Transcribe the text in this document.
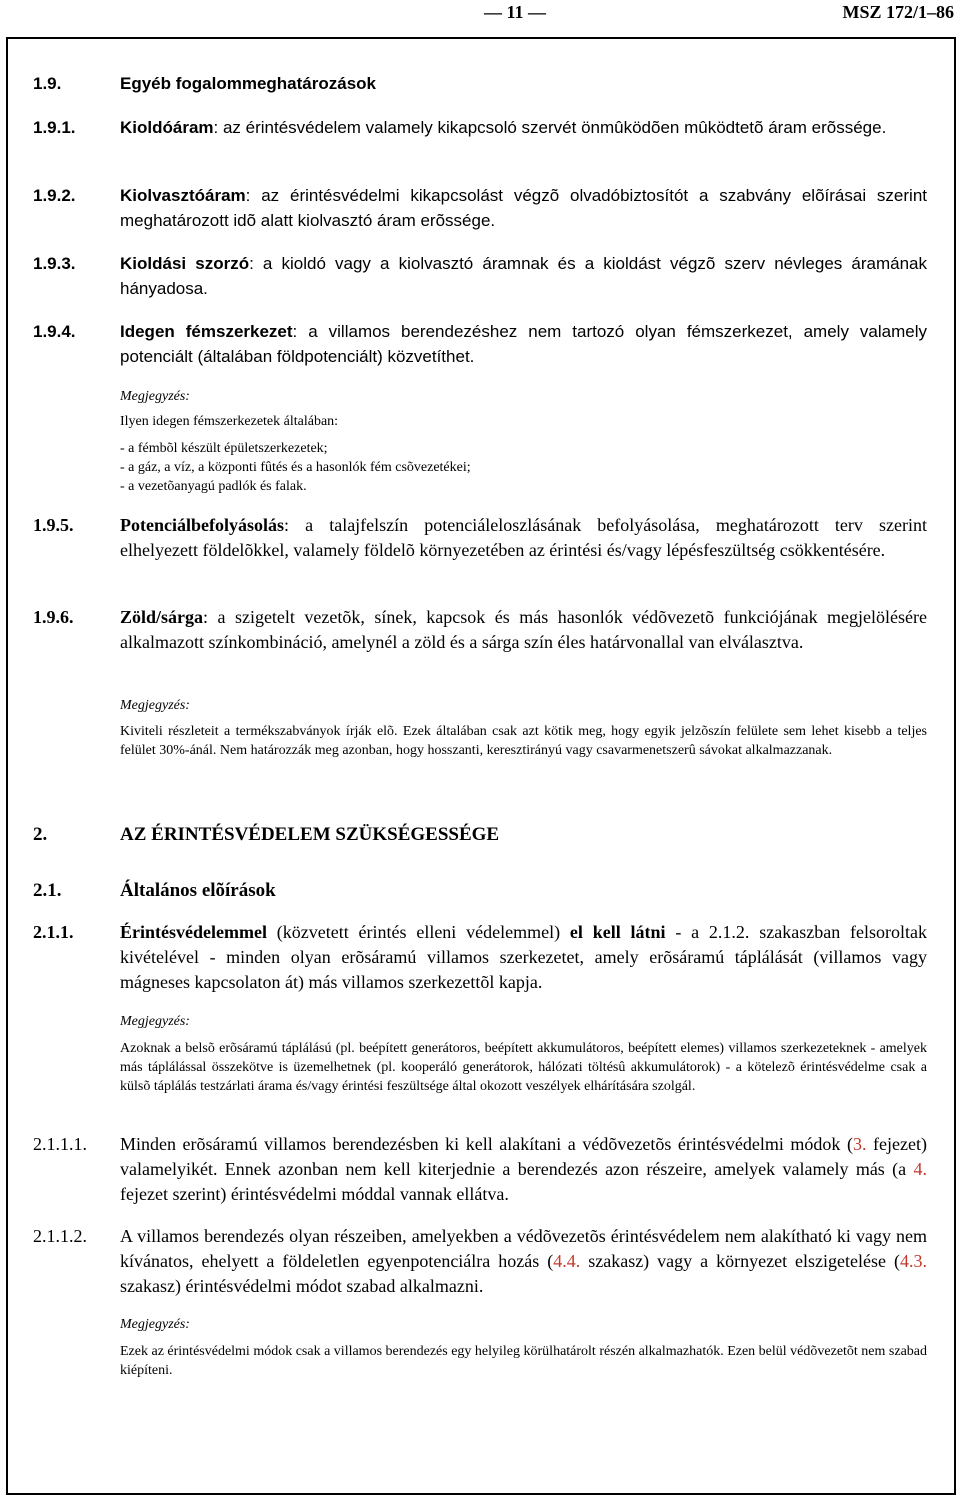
— 11 —	MSZ 172/1–86
1.9.	Egyéb fogalommeghatározások
1.9.1.	Kioldóáram: az érintésvédelem valamely kikapcsoló szervét önmûködõen mûködtetõ áram erõssége.
1.9.2.	Kiolvasztóáram: az érintésvédelmi kikapcsolást végzõ olvadóbiztosítót a szabvány elõírásai szerint meghatározott idõ alatt kiolvasztó áram erõssége.
1.9.3.	Kioldási szorzó: a kioldó vagy a kiolvasztó áramnak és a kioldást végzõ szerv névleges áramának hányadosa.
1.9.4.	Idegen fémszerkezet: a villamos berendezéshez nem tartozó olyan fémszerkezet, amely valamely potenciált (általában földpotenciált) közvetíthet.
Megjegyzés:
Ilyen idegen fémszerkezetek általában:
- a fémbõl készült épületszerkezetek;
- a gáz, a víz, a központi fûtés és a hasonlók fém csõvezetékei;
- a vezetõanyagú padlók és falak.
1.9.5.	Potenciálbefolyásolás: a talajfelszín potenciáleloszlásának befolyásolása, meghatározott terv szerint elhelyezett földelõkkel, valamely földelõ környezetében az érintési és/vagy lépésfeszültség csökkentésére.
1.9.6.	Zöld/sárga: a szigetelt vezetõk, sínek, kapcsok és más hasonlók védõvezetõ funkciójának megjelölésére alkalmazott színkombináció, amelynél a zöld és a sárga szín éles határvonallal van elválasztva.
Megjegyzés:
Kiviteli részleteit a termékszabványok írják elõ. Ezek általában csak azt kötik meg, hogy egyik jelzõszín felülete sem lehet kisebb a teljes felület 30%-ánál. Nem határozzák meg azonban, hogy hosszanti, keresztirányú vagy csavarmenetszerû sávokat alkalmazzanak.
2.	AZ ÉRINTÉSVÉDELEM SZÜKSÉGESSÉGE
2.1.	Általános elõírások
2.1.1.	Érintésvédelemmel (közvetett érintés elleni védelemmel) el kell látni - a 2.1.2. szakaszban felsoroltak kivételével - minden olyan erõsáramú villamos szerkezetet, amely erõsáramú táplálását (villamos vagy mágneses kapcsolaton át) más villamos szerkezettõl kapja.
Megjegyzés:
Azoknak a belsõ erõsáramú táplálású (pl. beépített generátoros, beépített akkumulátoros, beépített elemes) villamos szerkezeteknek - amelyek más táplálással összekötve is üzemelhetnek (pl. kooperáló generátorok, hálózati töltésû akkumulátorok) - a kötelezõ érintésvédelme csak a külsõ táplálás testzárlati árama és/vagy érintési feszültsége által okozott veszélyek elhárítására szolgál.
2.1.1.1. Minden erõsáramú villamos berendezésben ki kell alakítani a védõvezetõs érintésvédelmi módok (3. fejezet) valamelyikét. Ennek azonban nem kell kiterjednie a berendezés azon részeire, amelyek valamely más (a 4. fejezet szerint) érintésvédelmi móddal vannak ellátva.
2.1.1.2. A villamos berendezés olyan részeiben, amelyekben a védõvezetõs érintésvédelem nem alakítható ki vagy nem kívánatos, ehelyett a földeletlen egyenpotenciálra hozás (4.4. szakasz) vagy a környezet elszigetelése (4.3. szakasz) érintésvédelmi módot szabad alkalmazni.
Megjegyzés:
Ezek az érintésvédelmi módok csak a villamos berendezés egy helyileg körülhatárolt részén alkalmazhatók. Ezen belül védõvezetõt nem szabad kiépíteni.
